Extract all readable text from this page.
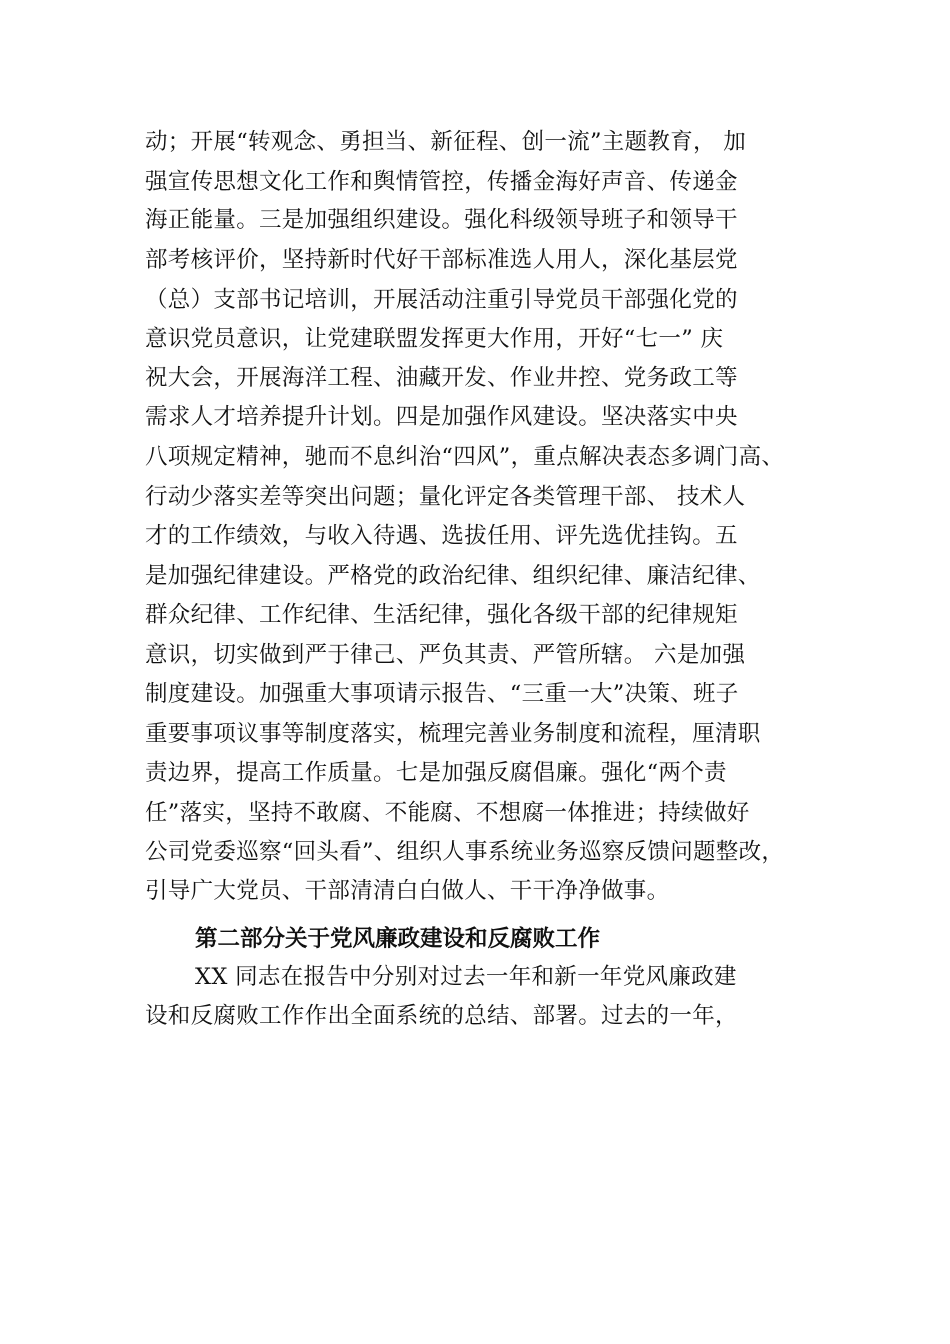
动；开展“转观念、勇担当、新征程、创一流”主题教育， 加
强宣传思想文化工作和舆情管控，传播金海好声音、传递金
海正能量。三是加强组织建设。强化科级领导班子和领导干
部考核评价，坚持新时代好干部标准选人用人，深化基层党
（总）支部书记培训，开展活动注重引导党员干部强化党的
意识党员意识，让党建联盟发挥更大作用，开好“七一” 庆
祝大会，开展海洋工程、油藏开发、作业井控、党务政工等
需求人才培养提升计划。四是加强作风建设。坚决落实中央
八项规定精神，驰而不息纠治“四风”，重点解决表态多调门高、
行动少落实差等突出问题；量化评定各类管理干部、 技术人
才的工作绩效，与收入待遇、选拔任用、评先选优挂钩。五
是加强纪律建设。严格党的政治纪律、组织纪律、廉洁纪律、
群众纪律、工作纪律、生活纪律，强化各级干部的纪律规矩
意识，切实做到严于律己、严负其责、严管所辖。 六是加强
制度建设。加强重大事项请示报告、“三重一大”决策、班子
重要事项议事等制度落实，梳理完善业务制度和流程，厘清职
责边界，提高工作质量。七是加强反腐倡廉。强化“两个责
任”落实，坚持不敢腐、不能腐、不想腐一体推进；持续做好
公司党委巡察“回头看”、组织人事系统业务巡察反馈问题整改，
引导广大党员、干部清清白白做人、干干净净做事。
第二部分关于党风廉政建设和反腐败工作
XX 同志在报告中分别对过去一年和新一年党风廉政建
设和反腐败工作作出全面系统的总结、部署。过去的一年，
